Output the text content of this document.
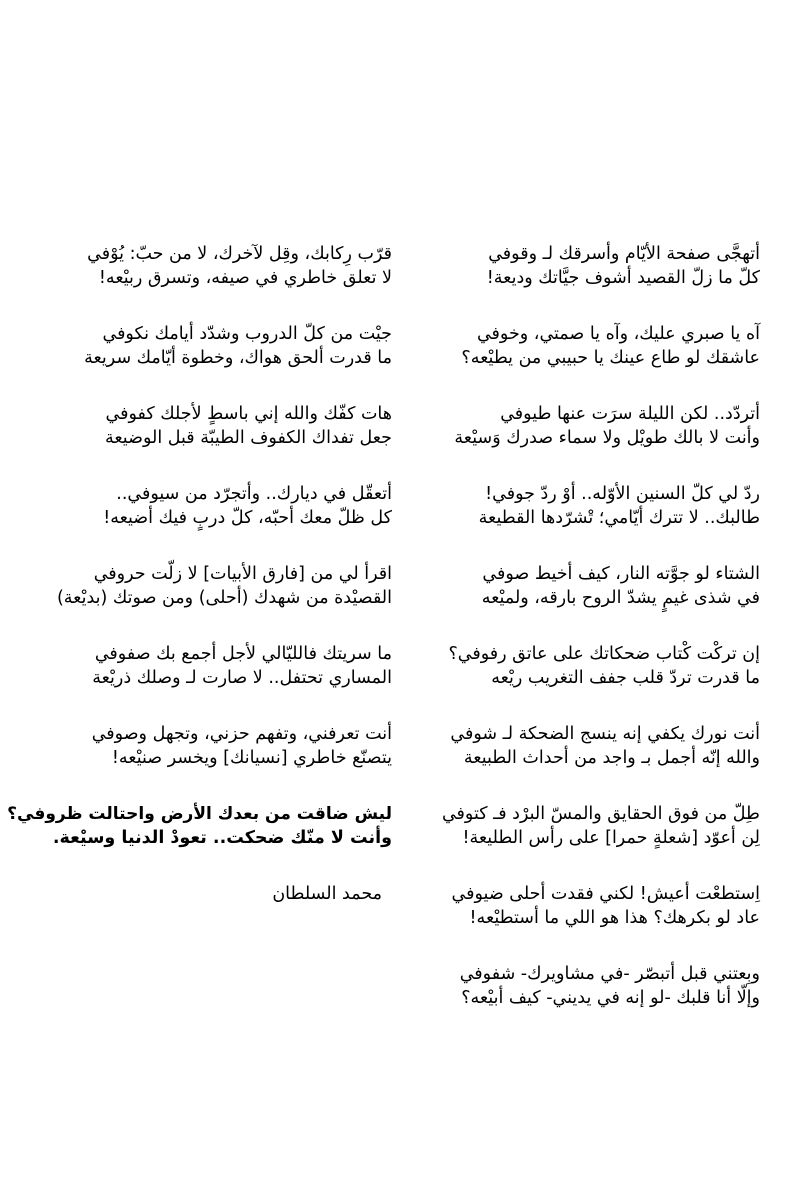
أتهجَّى صفحة الأيّام وأسرقك لـ وقوفي
كلّ ما زلّ القصيد أشوف جيَّاتك وديعة!
آه يا صبري عليك، وآه يا صمتي، وخوفي
عاشقك لو طاع عينك يا حبيبي من يطيْعه؟
أتردّد.. لكن الليلة سرَت عنها طيوفي
وأنت لا بالك طويْل ولا سماء صدرك وَسيْعة
ردّ لي كلّ السنين الأوّله.. أوْ ردّ جوفي!
طالبك.. لا تترك أيّامي؛ تْشرّدها القطيعة
الشتاء لو جوَّته النار، كيف أخيط صوفي
في شذى غيمٍ يشدّ الروح بارقه، ولميْعه
إن تركْت كْتاب ضحكاتك على عاتق رفوفي؟
ما قدرت تردّ قلب جفف التغريب ريْعه
أنت نورك يكفي إنه ينسج الضحكة لـ شوفي
والله إنّه أجمل بـ واجد من أحداث الطبيعة
طِلّ من فوق الحقايق والمسّ البرْد فـ كتوفي
لِن أعوّد [شعلةٍ حمرا] على رأس الطليعة!
اِستطعْت أعيش! لكني فقدت أحلى ضيوفي
عاد لو بكرهك؟ هذا هو اللي ما أستطيْعه!
وبِعتني قبل أتبصّر -في مشاويرك- شفوفي
وإلّا أنا قلبك -لو إنه في يديني- كيف أبيْعه؟
قرّب رِكابك، وقِل لآخرك، لا من حبّ: يُوْفي
لا تعلق خاطري في صيفه، وتسرق ربيْعه!
جيْت من كلّ الدروب وشدّد أيامك نكوفي
ما قدرت ألحق هواك، وخطوة أيّامك سريعة
هات كفّك والله إني باسطٍ لأجلك كفوفي
جعل تفداك الكفوف الطيبّة قبل الوضيعة
أتعقّل في ديارك.. وأتجرّد من سيوفي..
كل ظلّ معك أحبّه، كلّ دربٍ فيك أضيعه!
اقرأ لي من [فارق الأبيات] لا زلّت حروفي
القصيْدة من شهدك (أحلى) ومن صوتك (بديْعة)
ما سريتك فالليّالي لأجل أجمع بك صفوفي
المساري تحتفل.. لا صارت لـ وصلك ذريْعة
أنت تعرفني، وتفهم حزني، وتجهل وصوفي
يتصنّع خاطري [نسيانك] ويخسر صنيْعه!
ليش ضاقت من بعدك الأرض واحتالت ظروفي؟
وأنت لا منّك ضحكت.. تعودْ الدنيا وسيْعة.
محمد السلطان
